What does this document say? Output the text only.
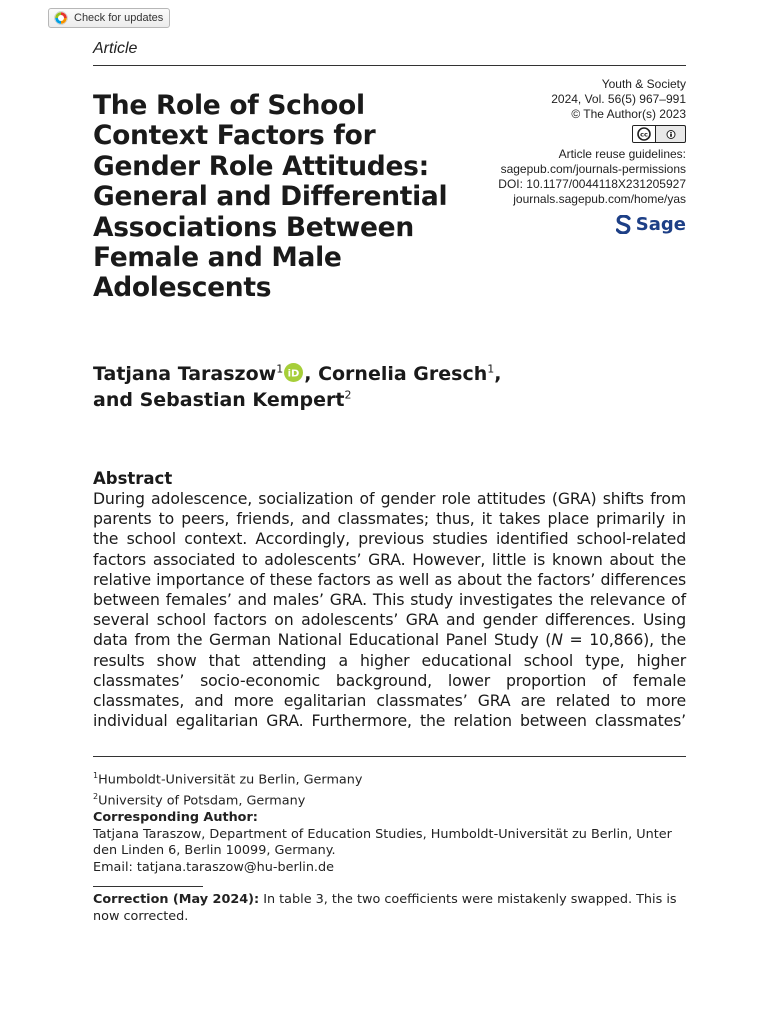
Check for updates
Article
The Role of School Context Factors for Gender Role Attitudes: General and Differential Associations Between Female and Male Adolescents
Youth & Society
2024, Vol. 56(5) 967–991
© The Author(s) 2023
cc
Article reuse guidelines:
sagepub.com/journals-permissions
DOI: 10.1177/0044118X231205927
journals.sagepub.com/home/yas
Sage
Tatjana Taraszow$^1$ iD , Cornelia Gresch$^1$,
and Sebastian Kempert$^2$
Abstract

During adolescence, socialization of gender role attitudes (GRA) shifts from parents to peers, friends, and classmates; thus, it takes place primarily in the school context. Accordingly, previous studies identified school-related factors associated to adolescents’ GRA. However, little is known about the relative importance of these factors as well as about the factors’ differences between females’ and males’ GRA. This study investigates the relevance of several school factors on adolescents’ GRA and gender differences. Using data from the German National Educational Panel Study (N = 10,866), the results show that attending a higher educational school type, higher classmates’ socio-economic background, lower proportion of female classmates, and more egalitarian classmates’ GRA are related to more individual egalitarian GRA. Furthermore, the relation between classmates’

$^1$Humboldt-Universität zu Berlin, Germany
$^2$University of Potsdam, Germany
Corresponding Author:
Tatjana Taraszow, Department of Education Studies, Humboldt-Universität zu Berlin, Unter den Linden 6, Berlin 10099, Germany.
Email: tatjana.taraszow@hu-berlin.de
Correction (May 2024): In table 3, the two coefficients were mistakenly swapped. This is now corrected.
